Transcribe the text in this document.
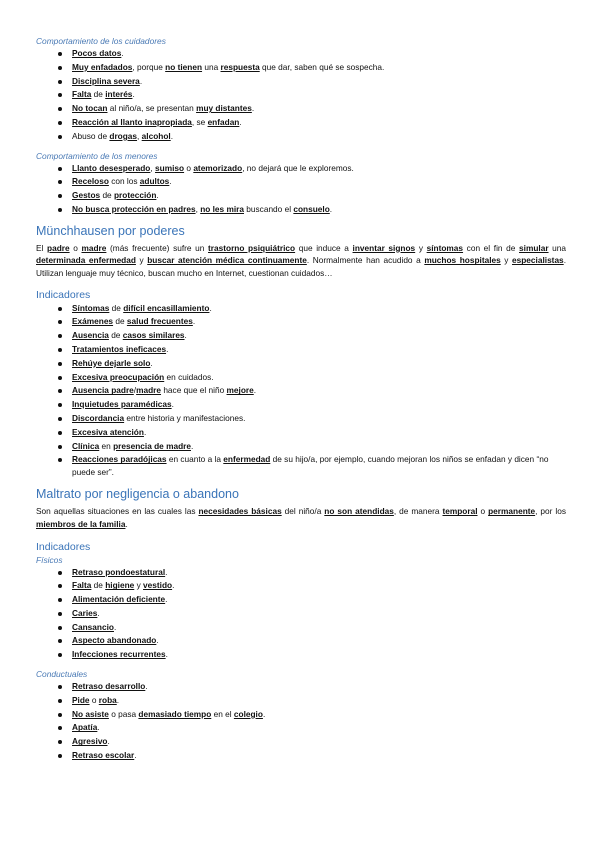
Comportamiento de los cuidadores
Pocos datos.
Muy enfadados, porque no tienen una respuesta que dar, saben qué se sospecha.
Disciplina severa.
Falta de interés.
No tocan al niño/a, se presentan muy distantes.
Reacción al llanto inapropiada, se enfadan.
Abuso de drogas, alcohol.
Comportamiento de los menores
Llanto desesperado, sumiso o atemorizado, no dejará que le exploremos.
Receloso con los adultos.
Gestos de protección.
No busca protección en padres, no les mira buscando el consuelo.
Münchhausen por poderes

El padre o madre (más frecuente) sufre un trastorno psiquiátrico que induce a inventar signos y síntomas con el fin de simular una determinada enfermedad y buscar atención médica continuamente. Normalmente han acudido a muchos hospitales y especialistas. Utilizan lenguaje muy técnico, buscan mucho en Internet, cuestionan cuidados…

Indicadores
Síntomas de difícil encasillamiento.
Exámenes de salud frecuentes.
Ausencia de casos similares.
Tratamientos ineficaces.
Rehúye dejarle solo.
Excesiva preocupación en cuidados.
Ausencia padre/madre hace que el niño mejore.
Inquietudes paramédicas.
Discordancia entre historia y manifestaciones.
Excesiva atención.
Clínica en presencia de madre.
Reacciones paradójicas en cuanto a la enfermedad de su hijo/a, por ejemplo, cuando mejoran los niños se enfadan y dicen “no puede ser”.
Maltrato por negligencia o abandono

Son aquellas situaciones en las cuales las necesidades básicas del niño/a no son atendidas, de manera temporal o permanente, por los miembros de la familia.

Indicadores
Físicos
Retraso pondoestatural.
Falta de higiene y vestido.
Alimentación deficiente.
Caries.
Cansancio.
Aspecto abandonado.
Infecciones recurrentes.
Conductuales
Retraso desarrollo.
Pide o roba.
No asiste o pasa demasiado tiempo en el colegio.
Apatía.
Agresivo.
Retraso escolar.
